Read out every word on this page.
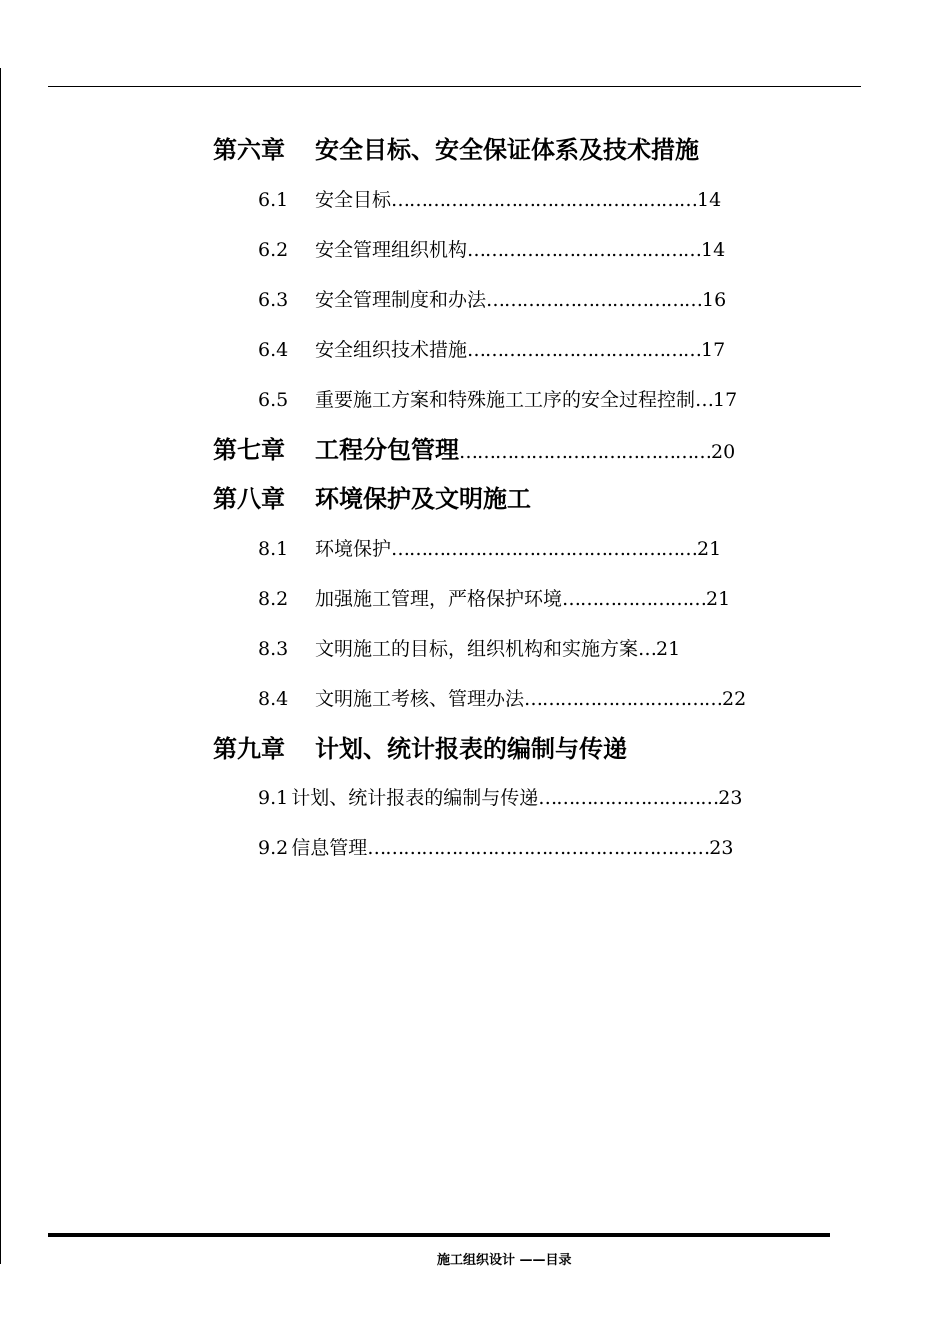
第六章 安全目标、安全保证体系及技术措施
6.1 安全目标……………………………………………14
6.2 安全管理组织机构…………………………………14
6.3 安全管理制度和办法………………………………16
6.4 安全组织技术措施…………………………………17
6.5 重要施工方案和特殊施工工序的安全过程控制…17
第七章 工程分包管理……………………………………20
第八章 环境保护及文明施工
8.1 环境保护……………………………………………21
8.2 加强施工管理，严格保护环境……………………21
8.3 文明施工的目标，组织机构和实施方案…21
8.4 文明施工考核、管理办法……………………………22
第九章 计划、统计报表的编制与传递
9.1 计划、统计报表的编制与传递…………………………23
9.2 信息管理…………………………………………………23
施工组织设计 ——目录
